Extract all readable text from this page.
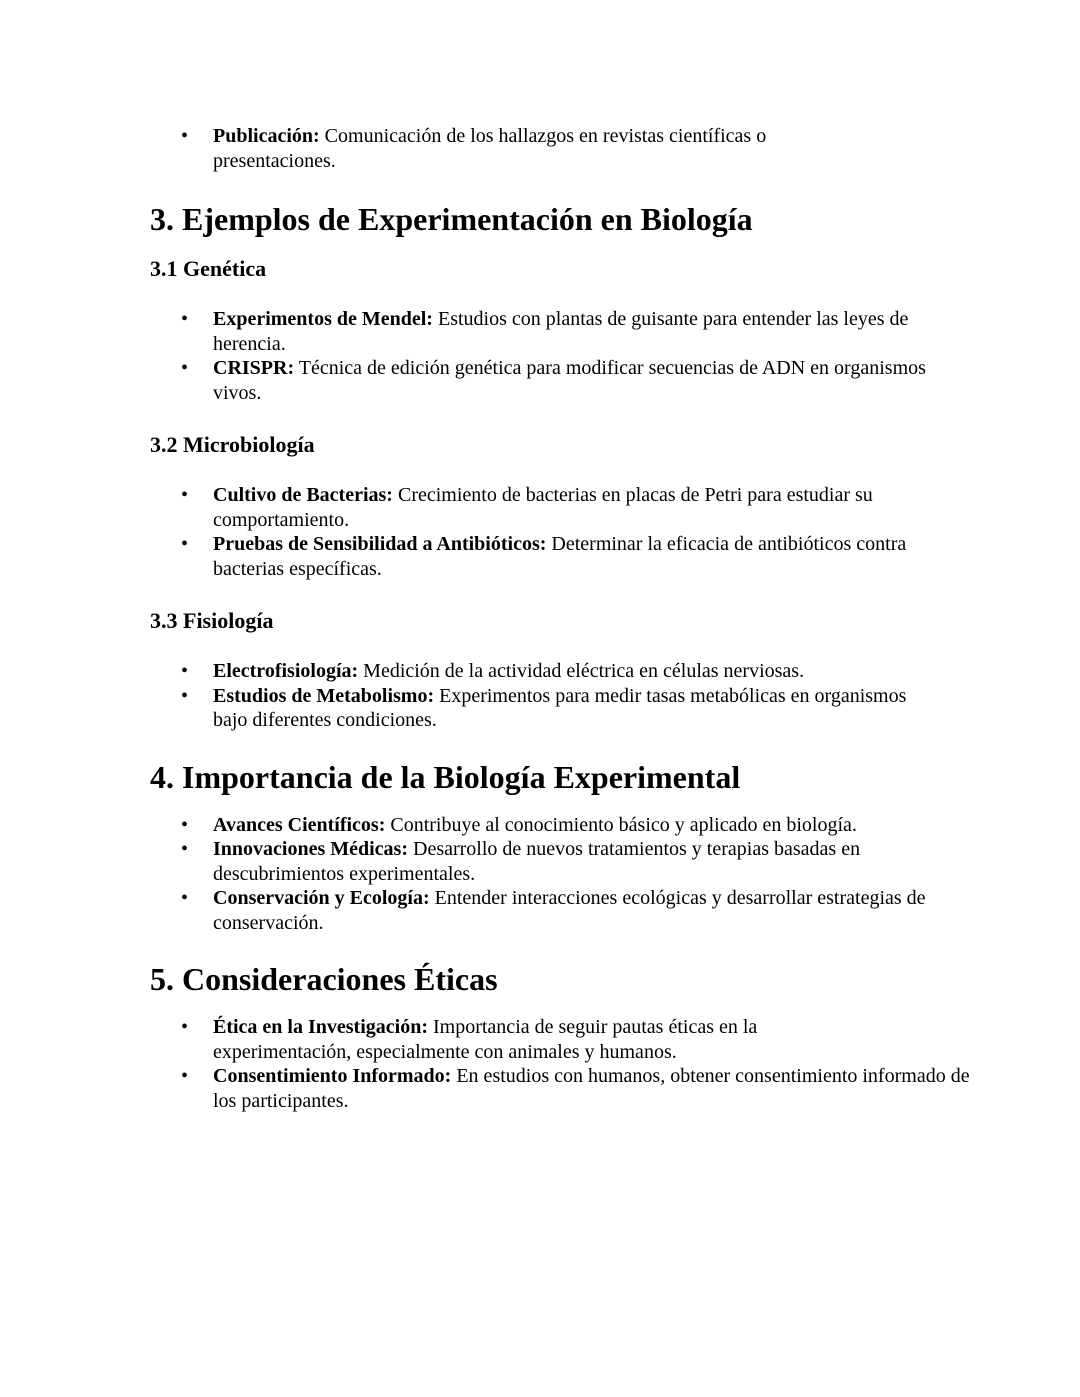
• Publicación: Comunicación de los hallazgos en revistas científicas o presentaciones.
3. Ejemplos de Experimentación en Biología
3.1 Genética
• Experimentos de Mendel: Estudios con plantas de guisante para entender las leyes de herencia.
• CRISPR: Técnica de edición genética para modificar secuencias de ADN en organismos vivos.
3.2 Microbiología
• Cultivo de Bacterias: Crecimiento de bacterias en placas de Petri para estudiar su comportamiento.
• Pruebas de Sensibilidad a Antibióticos: Determinar la eficacia de antibióticos contra bacterias específicas.
3.3 Fisiología
• Electrofisiología: Medición de la actividad eléctrica en células nerviosas.
• Estudios de Metabolismo: Experimentos para medir tasas metabólicas en organismos bajo diferentes condiciones.
4. Importancia de la Biología Experimental
• Avances Científicos: Contribuye al conocimiento básico y aplicado en biología.
• Innovaciones Médicas: Desarrollo de nuevos tratamientos y terapias basadas en descubrimientos experimentales.
• Conservación y Ecología: Entender interacciones ecológicas y desarrollar estrategias de conservación.
5. Consideraciones Éticas
• Ética en la Investigación: Importancia de seguir pautas éticas en la experimentación, especialmente con animales y humanos.
• Consentimiento Informado: En estudios con humanos, obtener consentimiento informado de los participantes.
